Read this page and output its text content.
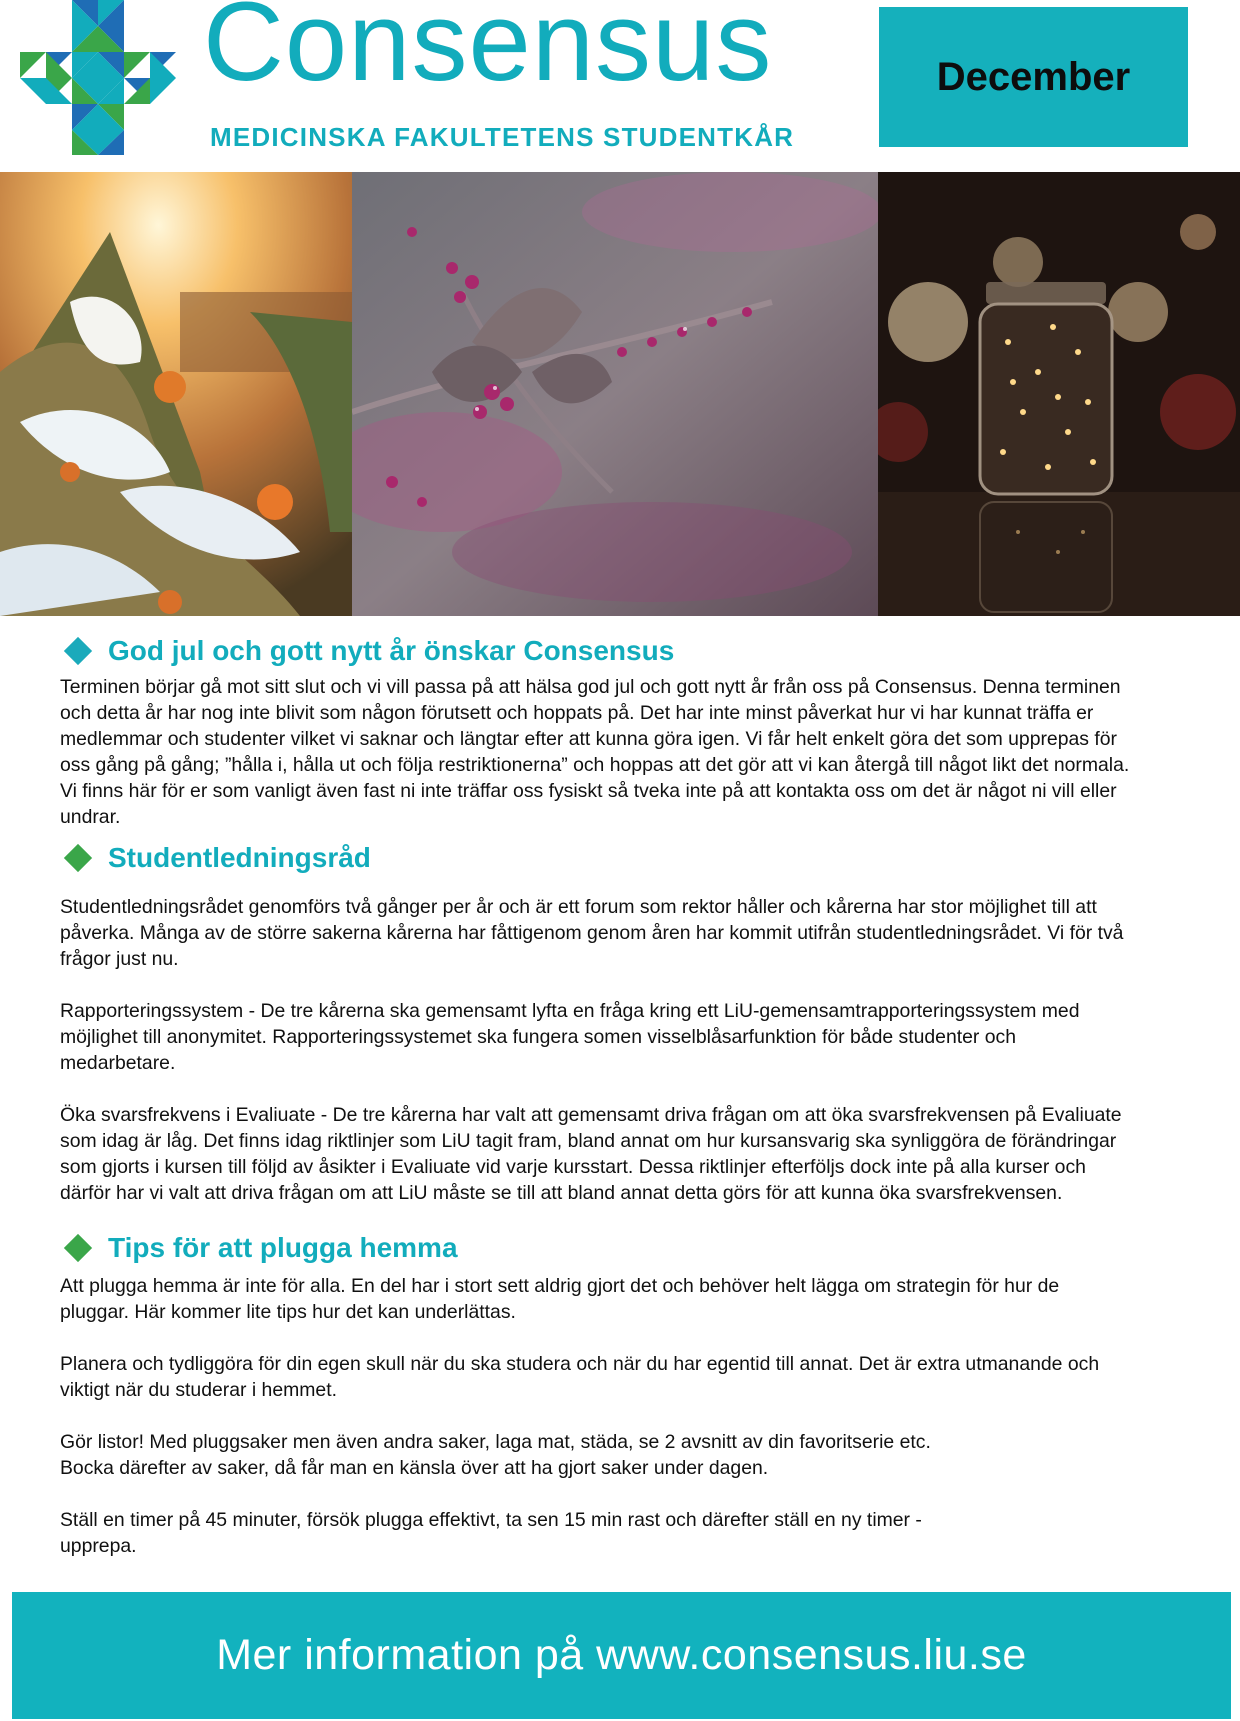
Consensus
MEDICINSKA FAKULTETENS STUDENTKÅR
December
God jul och gott nytt år önskar Consensus

Terminen börjar gå mot sitt slut och vi vill passa på att hälsa god jul och gott nytt år från oss på Consensus. Denna terminen och detta år har nog inte blivit som någon förutsett och hoppats på. Det har inte minst påverkat hur vi har kunnat träffa er medlemmar och studenter vilket vi saknar och längtar efter att kunna göra igen. Vi får helt enkelt göra det som upprepas för oss gång på gång; ”hålla i, hålla ut och följa restriktionerna” och hoppas att det gör att vi kan återgå till något likt det normala. Vi finns här för er som vanligt även fast ni inte träffar oss fysiskt så tveka inte på att kontakta oss om det är något ni vill eller undrar.

Studentledningsråd

Studentledningsrådet genomförs två gånger per år och är ett forum som rektor håller och kårerna har stor möjlighet till att påverka. Många av de större sakerna kårerna har fåttigenom genom åren har kommit utifrån studentledningsrådet. Vi för två frågor just nu.

Rapporteringssystem - De tre kårerna ska gemensamt lyfta en fråga kring ett LiU-gemensamtrapporteringssystem med möjlighet till anonymitet. Rapporteringssystemet ska fungera somen visselblåsarfunktion för både studenter och medarbetare.

Öka svarsfrekvens i Evaliuate - De tre kårerna har valt att gemensamt driva frågan om att öka svarsfrekvensen på Evaliuate som idag är låg. Det finns idag riktlinjer som LiU tagit fram, bland annat om hur kursansvarig ska synliggöra de förändringar som gjorts i kursen till följd av åsikter i Evaliuate vid varje kursstart. Dessa riktlinjer efterföljs dock inte på alla kurser och därför har vi valt att driva frågan om att LiU måste se till att bland annat detta görs för att kunna öka svarsfrekvensen.

Tips för att plugga hemma

Att plugga hemma är inte för alla. En del har i stort sett aldrig gjort det och behöver helt lägga om strategin för hur de pluggar. Här kommer lite tips hur det kan underlättas.

Planera och tydliggöra för din egen skull när du ska studera och när du har egentid till annat. Det är extra utmanande och viktigt när du studerar i hemmet.

Gör listor! Med pluggsaker men även andra saker, laga mat, städa, se 2 avsnitt av din favoritserie etc. Bocka därefter av saker, då får man en känsla över att ha gjort saker under dagen.

Ställ en timer på 45 minuter, försök plugga effektivt, ta sen 15 min rast och därefter ställ en ny timer - upprepa.

Mer information på www.consensus.liu.se
